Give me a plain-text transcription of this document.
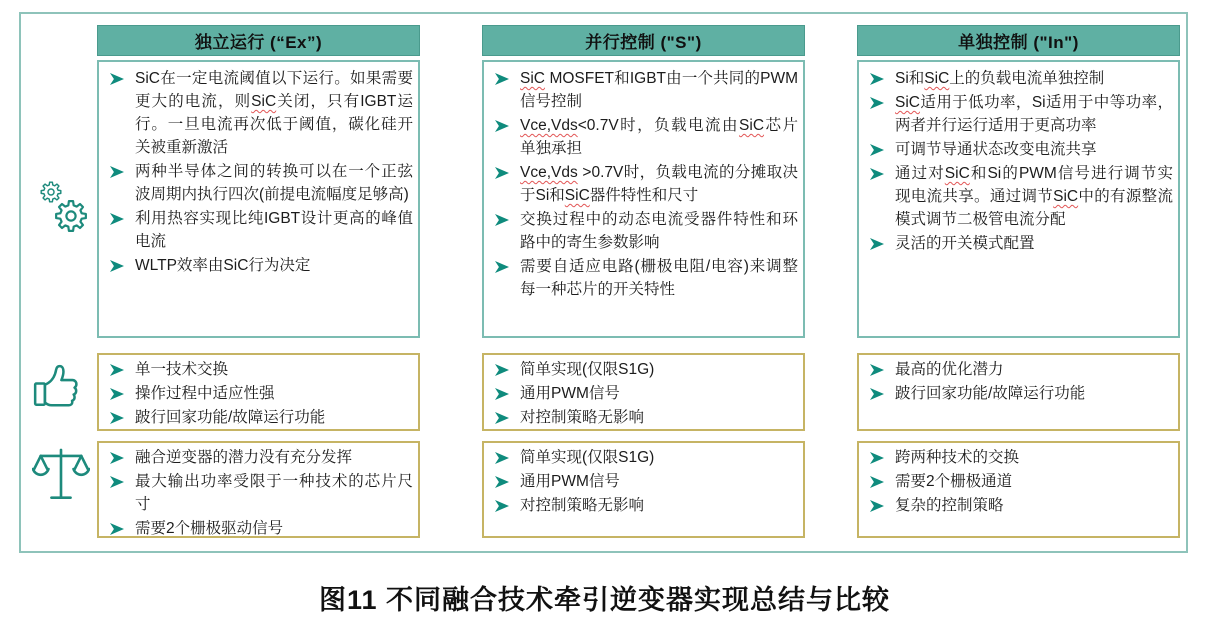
独立运行 (“Ex”)
SiC在一定电流阈值以下运行。如果需要更大的电流，则SiC关闭，只有IGBT运行。一旦电流再次低于阈值，碳化硅开关被重新激活
两种半导体之间的转换可以在一个正弦波周期内执行四次(前提电流幅度足够高)
利用热容实现比纯IGBT设计更高的峰值电流
WLTP效率由SiC行为决定
单一技术交换
操作过程中适应性强
跛行回家功能/故障运行功能
融合逆变器的潜力没有充分发挥
最大输出功率受限于一种技术的芯片尺寸
需要2个栅极驱动信号
并行控制 ("S")
SiC MOSFET和IGBT由一个共同的PWM信号控制
Vce,Vds<0.7V时，负载电流由SiC芯片单独承担
Vce,Vds >0.7V时，负载电流的分摊取决于Si和SiC器件特性和尺寸
交换过程中的动态电流受器件特性和环路中的寄生参数影响
需要自适应电路(栅极电阻/电容)来调整每一种芯片的开关特性
简单实现(仅限S1G)
通用PWM信号
对控制策略无影响
简单实现(仅限S1G)
通用PWM信号
对控制策略无影响
单独控制 ("In")
Si和SiC上的负载电流单独控制
SiC适用于低功率，Si适用于中等功率，两者并行运行适用于更高功率
可调节导通状态改变电流共享
通过对SiC和Si的PWM信号进行调节实现电流共享。通过调节SiC中的有源整流模式调节二极管电流分配
灵活的开关模式配置
最高的优化潜力
跛行回家功能/故障运行功能
跨两种技术的交换
需要2个栅极通道
复杂的控制策略
图11 不同融合技术牵引逆变器实现总结与比较
